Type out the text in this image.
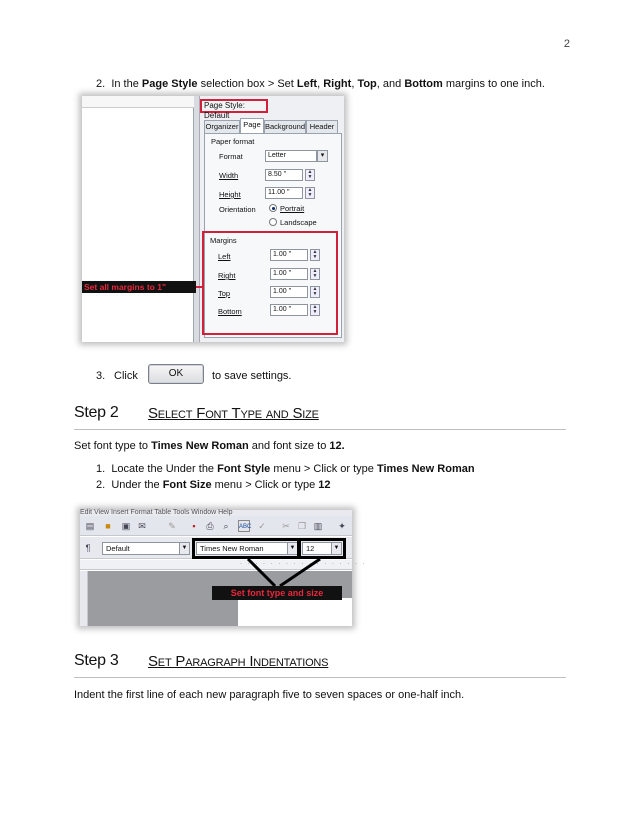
2
2. In the Page Style selection box > Set Left, Right, Top, and Bottom margins to one inch.
Page Style: Default
Organizer Page Background Header
Paper format
Format	Letter	▾
Width	8.50 "	▲
▼
Height	11.00 "	▲
▼
Orientation	Portrait
Landscape
Margins
Left	1.00 "	▲
▼
Right	1.00 "	▲
▼
Top	1.00 "	▲
▼
Bottom	1.00 "	▲
▼
Set all margins to 1"
3. Click	OK	to save settings.
Step 2 Select Font Type and Size
Set font type to Times New Roman and font size to 12.
1. Locate the Under the Font Style menu > Click or type Times New Roman
2. Under the Font Size menu > Click or type 12
Edit View Insert Format Table Tools Window Help
▤	■	▣ ✉ ✎	▪	⎙	⌕	ABC ✓ ✂ ❐ ▥ ✦
¶	Default	▼	Times New Roman	▼	12	▼
· · · · · · · · · · · · · · · · ·
Set font type and size
Step 3 Set Paragraph Indentations
Indent the first line of each new paragraph five to seven spaces or one-half inch.
